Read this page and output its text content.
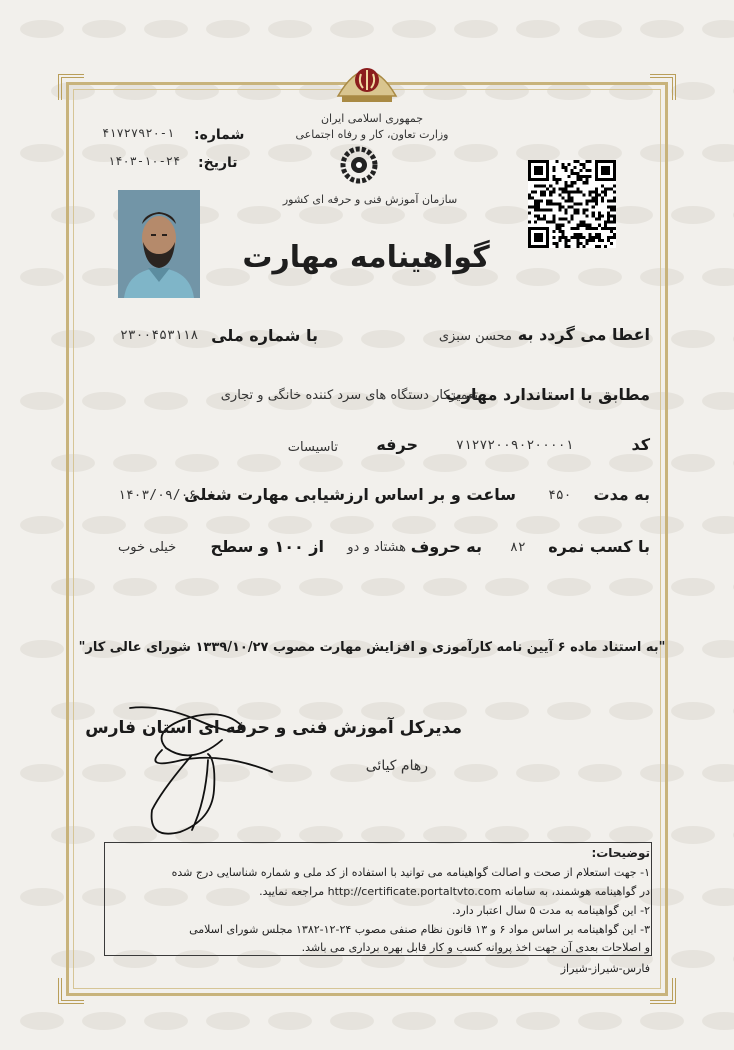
جمهوری اسلامی ایران
وزارت تعاون، کار و رفاه اجتماعی
سازمان آموزش فنی و حرفه ای کشور
شماره:
۴۱۷۲۷۹۲۰-۱
تاریخ:
۱۴۰۳-۱۰-۲۴
گواهینامه مهارت
اعطا می گردد به
محسن سبزی
با شماره ملی
۲۳۰۰۴۵۳۱۱۸
مطابق با استاندارد مهارت
تعمیرکار دستگاه های سرد کننده خانگی و تجاری
کد
۷۱۲۷۲۰۰۹۰۲۰۰۰۰۱
حرفه
تاسیسات
به مدت
۴۵۰
ساعت و بر اساس ارزشیابی مهارت شغلی
۱۴۰۳/۰۹/۰۶
با کسب نمره
۸۲
به حروف
هشتاد و دو
از ۱۰۰ و سطح
خیلی خوب
"به استناد ماده ۶ آیین نامه کارآموزی و افزایش مهارت مصوب ۱۳۳۹/۱۰/۲۷ شورای عالی کار"
مدیرکل آموزش فنی و حرفه ای استان فارس
رهام کیائی
توضیحات:
۱- جهت استعلام از صحت و اصالت گواهینامه می توانید با استفاده از کد ملی و شماره شناسایی درج شده
در گواهینامه هوشمند، به سامانه http://certificate.portaltvto.com مراجعه نمایید.
۲- این گواهینامه به مدت ۵ سال اعتبار دارد.
۳- این گواهینامه بر اساس مواد ۶ و ۱۳ قانون نظام صنفی مصوب ۲۴-۱۲-۱۳۸۲ مجلس شورای اسلامی
و اصلاحات بعدی آن جهت اخذ پروانه کسب و کار قابل بهره برداری می باشد.
فارس-شیراز-شیراز
